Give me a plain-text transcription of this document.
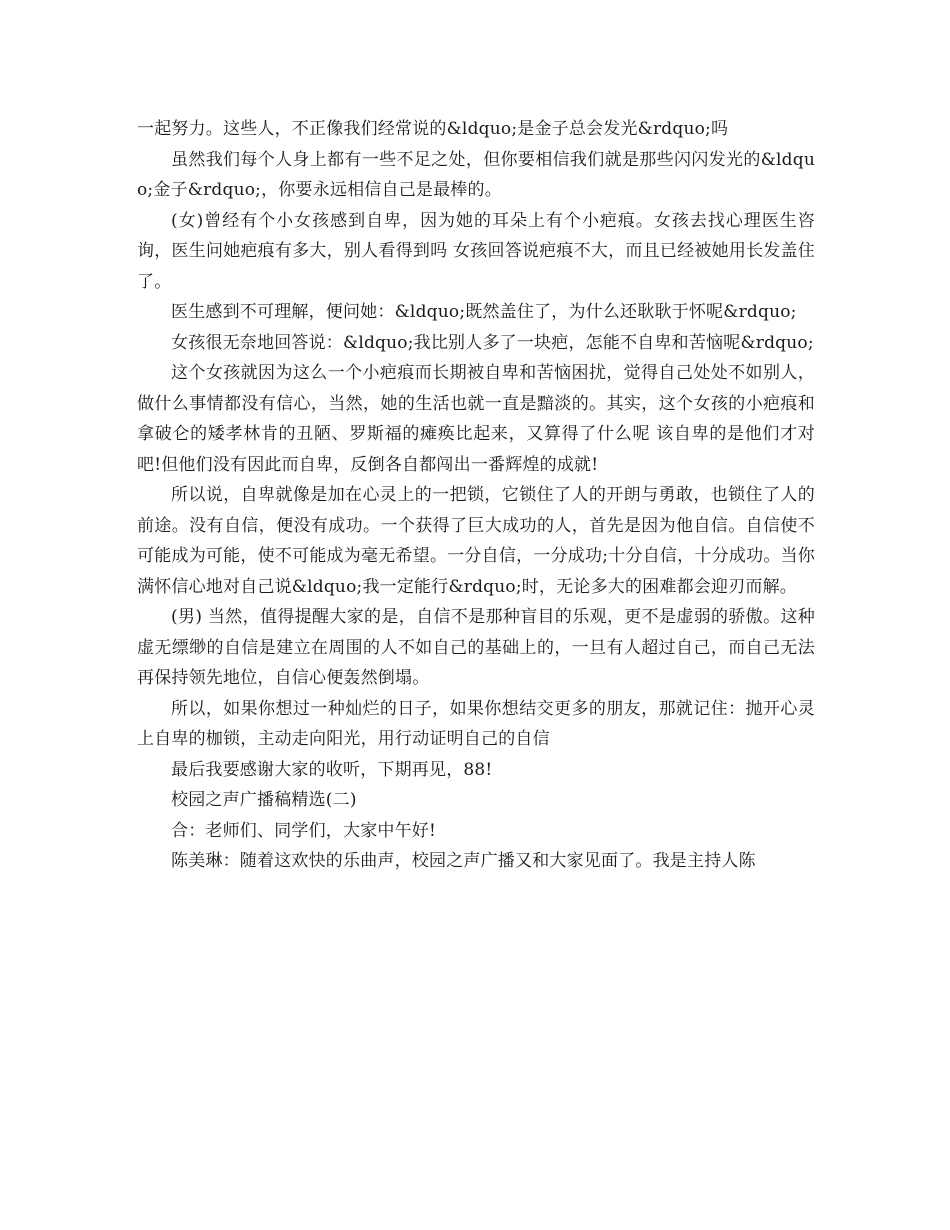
一起努力。这些人，不正像我们经常说的&ldquo;是金子总会发光&rdquo;吗

虽然我们每个人身上都有一些不足之处，但你要相信我们就是那些闪闪发光的&ldquo;金子&rdquo;，你要永远相信自己是最棒的。

(女)曾经有个小女孩感到自卑，因为她的耳朵上有个小疤痕。女孩去找心理医生咨询，医生问她疤痕有多大，别人看得到吗 女孩回答说疤痕不大，而且已经被她用长发盖住了。

医生感到不可理解，便问她：&ldquo;既然盖住了，为什么还耿耿于怀呢&rdquo;

女孩很无奈地回答说：&ldquo;我比别人多了一块疤，怎能不自卑和苦恼呢&rdquo;

这个女孩就因为这么一个小疤痕而长期被自卑和苦恼困扰，觉得自己处处不如别人，做什么事情都没有信心，当然，她的生活也就一直是黯淡的。其实，这个女孩的小疤痕和拿破仑的矮孝林肯的丑陋、罗斯福的瘫痪比起来，又算得了什么呢 该自卑的是他们才对吧!但他们没有因此而自卑，反倒各自都闯出一番辉煌的成就!

所以说，自卑就像是加在心灵上的一把锁，它锁住了人的开朗与勇敢，也锁住了人的前途。没有自信，便没有成功。一个获得了巨大成功的人，首先是因为他自信。自信使不可能成为可能，使不可能成为毫无希望。一分自信，一分成功;十分自信，十分成功。当你满怀信心地对自己说&ldquo;我一定能行&rdquo;时，无论多大的困难都会迎刃而解。

(男) 当然，值得提醒大家的是，自信不是那种盲目的乐观，更不是虚弱的骄傲。这种虚无缥缈的自信是建立在周围的人不如自己的基础上的，一旦有人超过自己，而自己无法再保持领先地位，自信心便轰然倒塌。

所以，如果你想过一种灿烂的日子，如果你想结交更多的朋友，那就记住：抛开心灵上自卑的枷锁，主动走向阳光，用行动证明自己的自信

最后我要感谢大家的收听，下期再见，88!

校园之声广播稿精选(二)

合：老师们、同学们，大家中午好!

陈美琳：随着这欢快的乐曲声，校园之声广播又和大家见面了。我是主持人陈
